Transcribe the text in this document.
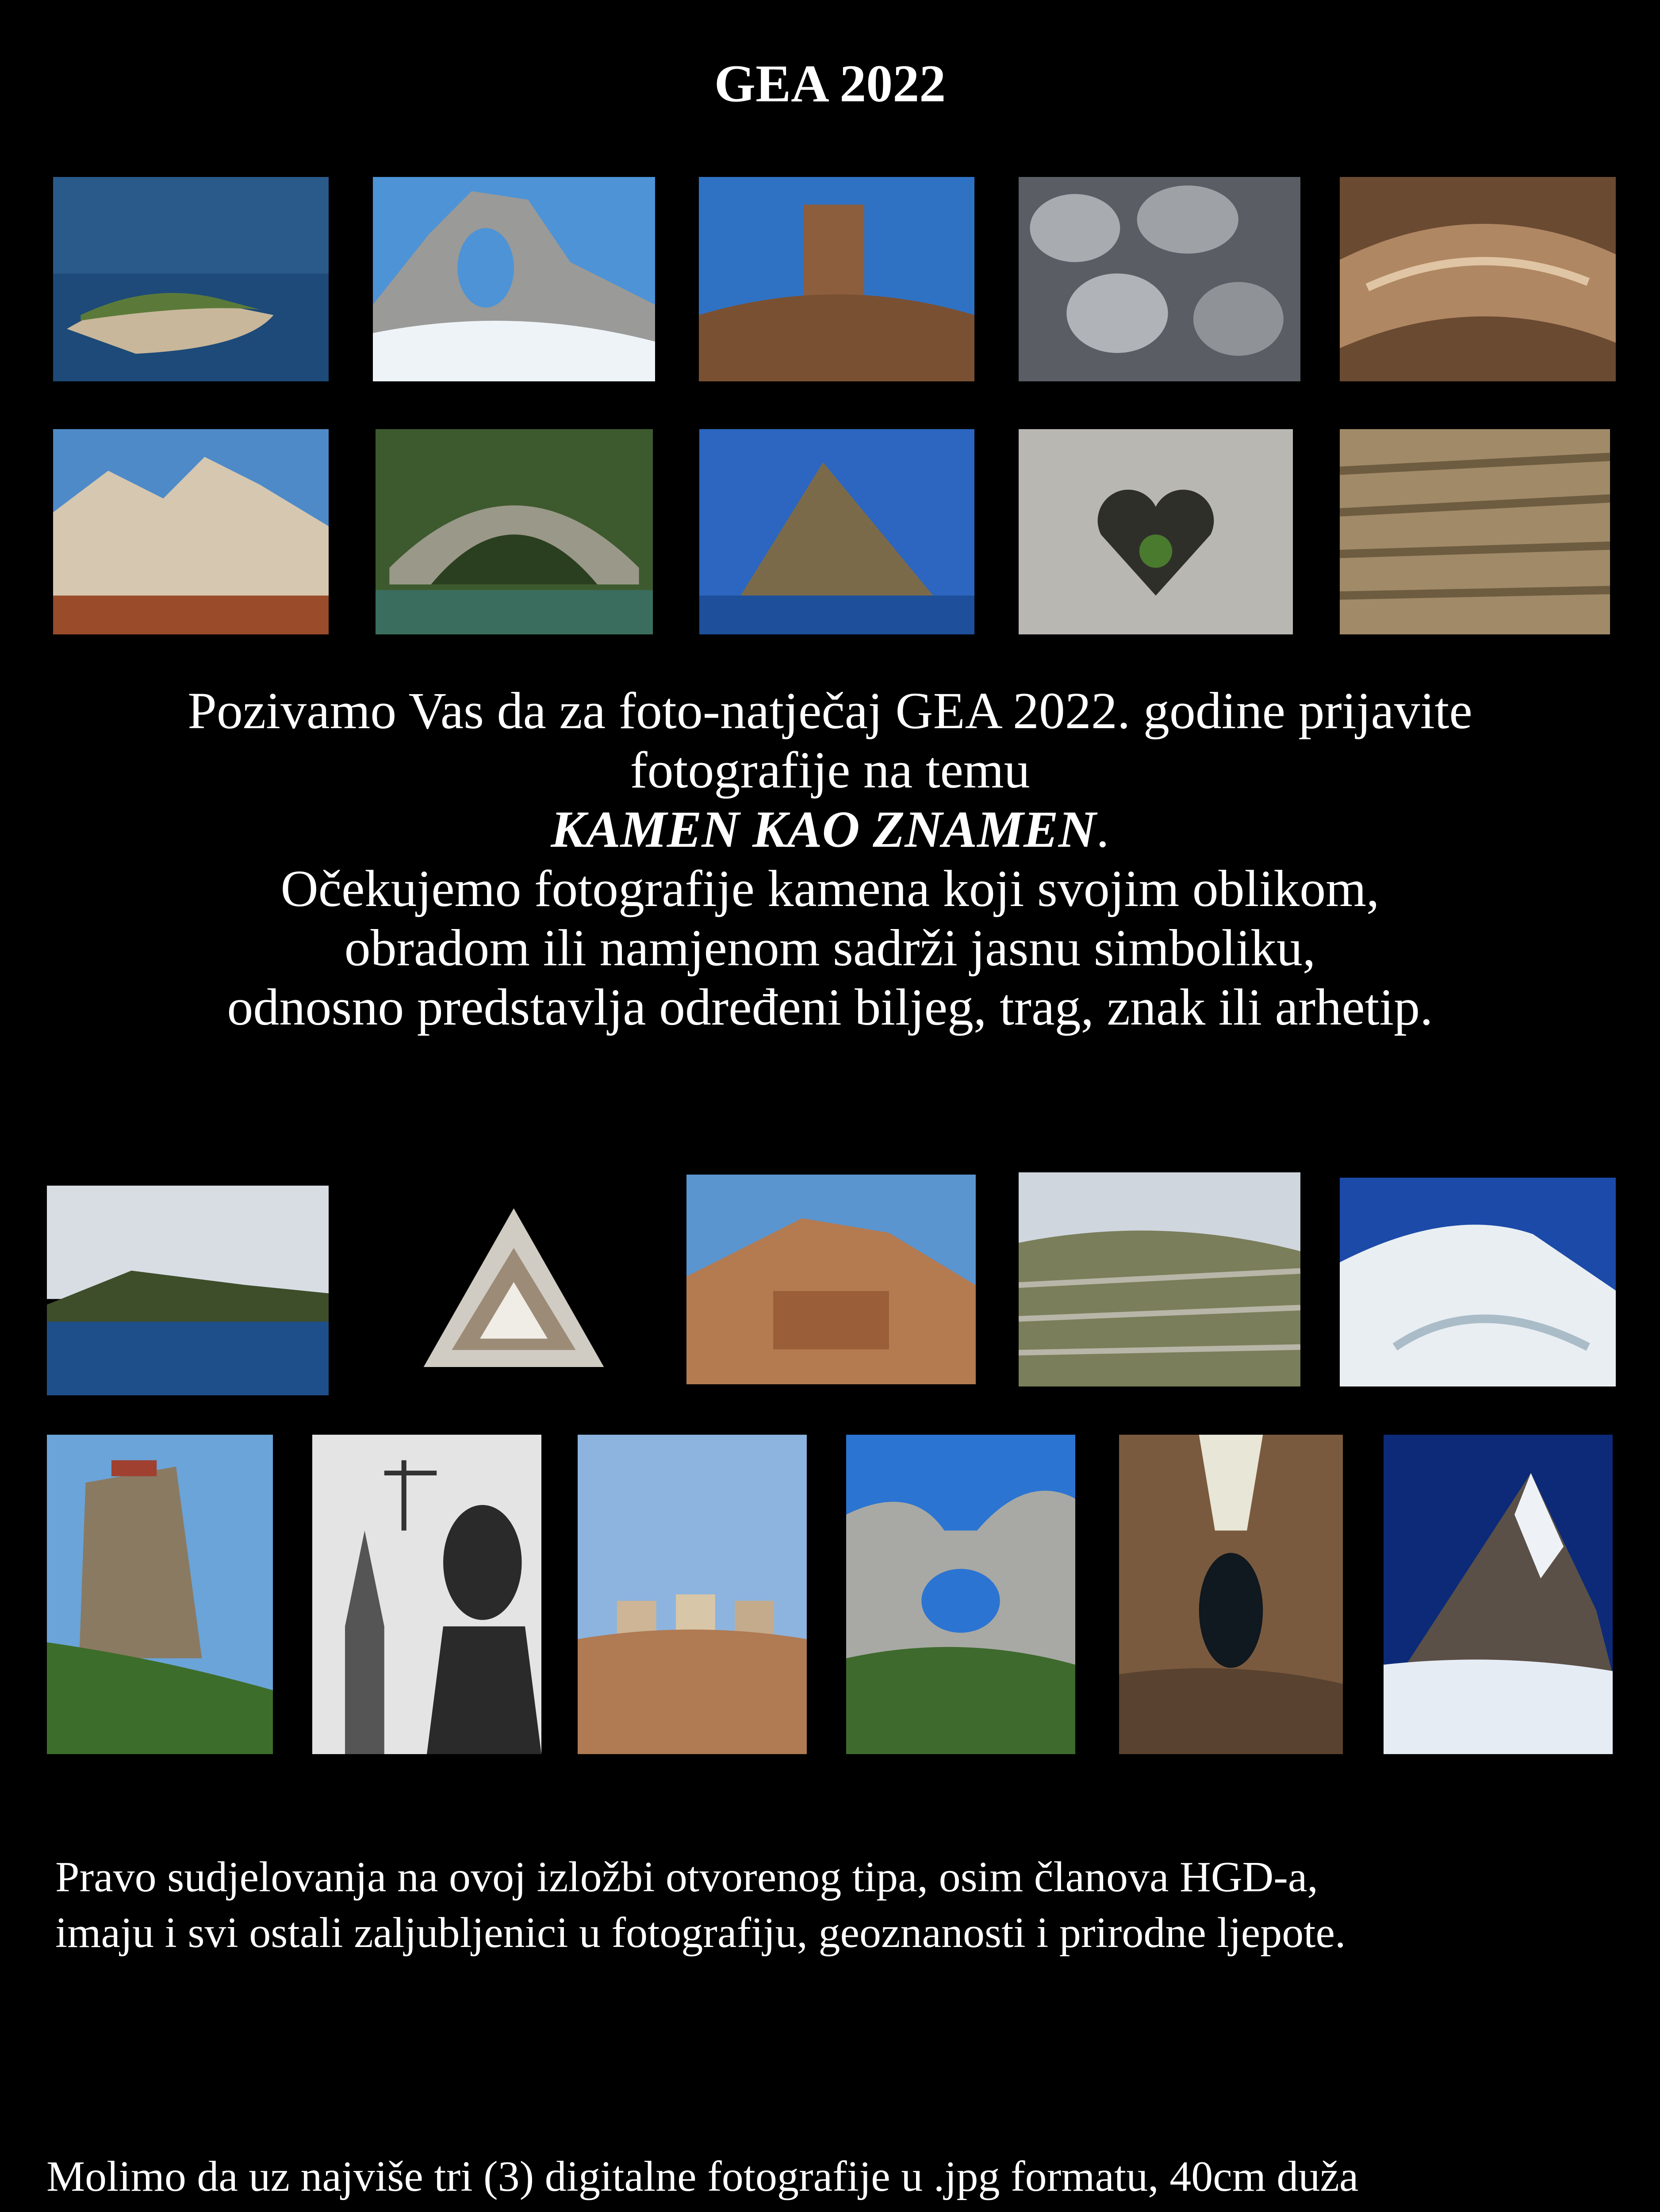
GEA 2022
Pozivamo Vas da za foto-natječaj GEA 2022. godine prijavite
fotografije na temu
KAMEN KAO ZNAMEN.
Očekujemo fotografije kamena koji svojim oblikom,
obradom ili namjenom sadrži jasnu simboliku,
odnosno predstavlja određeni biljeg, trag, znak ili arhetip.
Pravo sudjelovanja na ovoj izložbi otvorenog tipa, osim članova HGD-a,
imaju i svi ostali zaljubljenici u fotografiju, geoznanosti i prirodne ljepote.

Molimo da uz najviše tri (3) digitalne fotografije u .jpg formatu, 40cm duža
